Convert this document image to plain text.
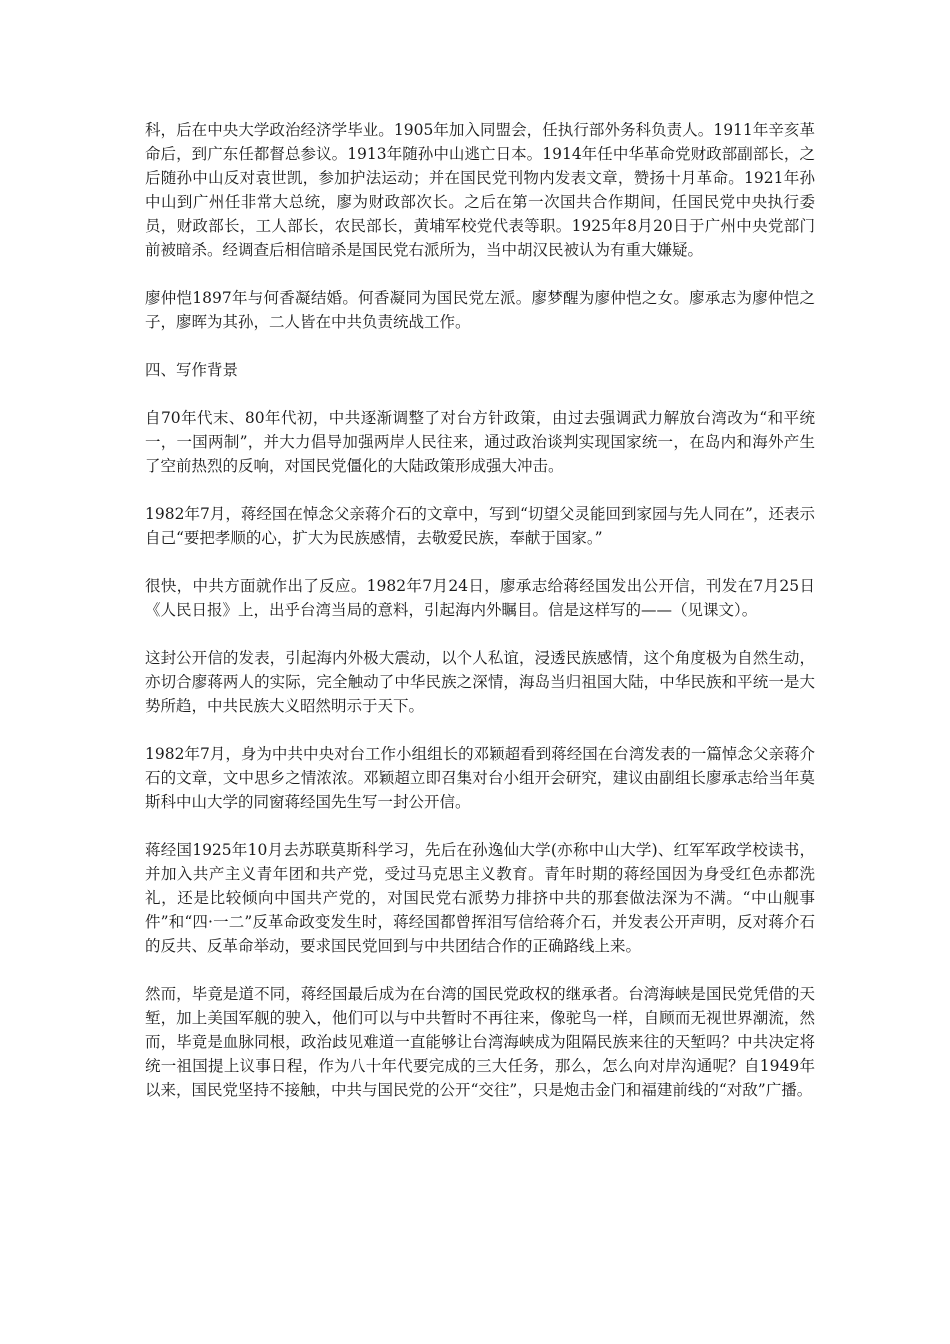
科，后在中央大学政治经济学毕业。1905年加入同盟会，任执行部外务科负责人。1911年辛亥革命后，到广东任都督总参议。1913年随孙中山逃亡日本。1914年任中华革命党财政部副部长，之后随孙中山反对袁世凯，参加护法运动；并在国民党刊物内发表文章，赞扬十月革命。1921年孙中山到广州任非常大总统，廖为财政部次长。之后在第一次国共合作期间，任国民党中央执行委员，财政部长，工人部长，农民部长，黄埔军校党代表等职。1925年8月20日于广州中央党部门前被暗杀。经调查后相信暗杀是国民党右派所为，当中胡汉民被认为有重大嫌疑。

廖仲恺1897年与何香凝结婚。何香凝同为国民党左派。廖梦醒为廖仲恺之女。廖承志为廖仲恺之子，廖晖为其孙，二人皆在中共负责统战工作。

四、写作背景

自70年代末、80年代初，中共逐渐调整了对台方针政策，由过去强调武力解放台湾改为“和平统一，一国两制”，并大力倡导加强两岸人民往来，通过政治谈判实现国家统一，在岛内和海外产生了空前热烈的反响，对国民党僵化的大陆政策形成强大冲击。

1982年7月，蒋经国在悼念父亲蒋介石的文章中，写到“切望父灵能回到家园与先人同在”，还表示自己“要把孝顺的心，扩大为民族感情，去敬爱民族，奉献于国家。”

很快，中共方面就作出了反应。1982年7月24日，廖承志给蒋经国发出公开信，刊发在7月25日《人民日报》上，出乎台湾当局的意料，引起海内外瞩目。信是这样写的——（见课文）。

这封公开信的发表，引起海内外极大震动，以个人私谊，浸透民族感情，这个角度极为自然生动，亦切合廖蒋两人的实际，完全触动了中华民族之深情，海岛当归祖国大陆，中华民族和平统一是大势所趋，中共民族大义昭然明示于天下。

1982年7月，身为中共中央对台工作小组组长的邓颖超看到蒋经国在台湾发表的一篇悼念父亲蒋介石的文章，文中思乡之情浓浓。邓颖超立即召集对台小组开会研究，建议由副组长廖承志给当年莫斯科中山大学的同窗蒋经国先生写一封公开信。

蒋经国1925年10月去苏联莫斯科学习，先后在孙逸仙大学(亦称中山大学)、红军军政学校读书，并加入共产主义青年团和共产党，受过马克思主义教育。青年时期的蒋经国因为身受红色赤都洗礼，还是比较倾向中国共产党的，对国民党右派势力排挤中共的那套做法深为不满。“中山舰事件”和“四·一二”反革命政变发生时，蒋经国都曾挥泪写信给蒋介石，并发表公开声明，反对蒋介石的反共、反革命举动，要求国民党回到与中共团结合作的正确路线上来。

然而，毕竟是道不同，蒋经国最后成为在台湾的国民党政权的继承者。台湾海峡是国民党凭借的天堑，加上美国军舰的驶入，他们可以与中共暂时不再往来，像驼鸟一样，自顾而无视世界潮流，然而，毕竟是血脉同根，政治歧见难道一直能够让台湾海峡成为阻隔民族来往的天堑吗？中共决定将统一祖国提上议事日程，作为八十年代要完成的三大任务，那么，怎么向对岸沟通呢？自1949年以来，国民党坚持不接触，中共与国民党的公开“交往”，只是炮击金门和福建前线的“对敌”广播。
